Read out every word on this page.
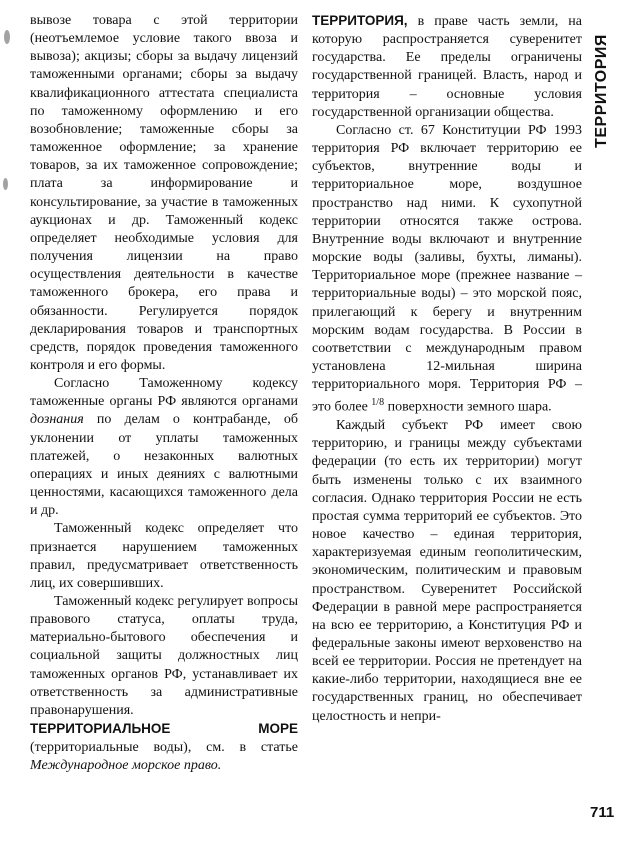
вывозе товара с этой территории (неотъемлемое условие такого ввоза и вывоза); акцизы; сборы за выдачу лицензий таможенными органами; сборы за выдачу квалификационного аттестата специалиста по таможенному оформлению и его возобновление; таможенные сборы за таможенное оформление; за хранение товаров, за их таможенное сопровождение; плата за информирование и консультирование, за участие в таможенных аукционах и др. Таможенный кодекс определяет необходимые условия для получения лицензии на право осуществления деятельности в качестве таможенного брокера, его права и обязанности. Регулируется порядок декларирования товаров и транспортных средств, порядок проведения таможенного контроля и его формы.

Согласно Таможенному кодексу таможенные органы РФ являются органами дознания по делам о контрабанде, об уклонении от уплаты таможенных платежей, о незаконных валютных операциях и иных деяниях с валютными ценностями, касающихся таможенного дела и др.

Таможенный кодекс определяет что признается нарушением таможенных правил, предусматривает ответственность лиц, их совершивших.

Таможенный кодекс регулирует вопросы правового статуса, оплаты труда, материально-бытового обеспечения и социальной защиты должностных лиц таможенных органов РФ, устанавливает их ответственность за административные правонарушения.

ТЕРРИТОРИАЛЬНОЕ МОРЕ (территориальные воды), см. в статье Международное морское право.

ТЕРРИТОРИЯ, в праве часть земли, на которую распространяется суверенитет государства. Ее пределы ограничены государственной границей. Власть, народ и территория – основные условия государственной организации общества.

Согласно ст. 67 Конституции РФ 1993 территория РФ включает территорию ее субъектов, внутренние воды и территориальное море, воздушное пространство над ними. К сухопутной территории относятся также острова. Внутренние воды включают и внутренние морские воды (заливы, бухты, лиманы). Территориальное море (прежнее название – территориальные воды) – это морской пояс, прилегающий к берегу и внутренним морским водам государства. В России в соответствии с международным правом установлена 12-мильная ширина территориального моря. Территория РФ – это более $^{1/8}$ поверхности земного шара.

Каждый субъект РФ имеет свою территорию, и границы между субъектами федерации (то есть их территории) могут быть изменены только с их взаимного согласия. Однако территория России не есть простая сумма территорий ее субъектов. Это новое качество – единая территория, характеризуемая единым геополитическим, экономическим, политическим и правовым пространством. Суверенитет Российской Федерации в равной мере распространяется на всю ее территорию, а Конституция РФ и федеральные законы имеют верховенство на всей ее территории. Россия не претендует на какие-либо территории, находящиеся вне ее государственных границ, но обеспечивает целостность и непри-

ТЕРРИТОРИЯ
711
